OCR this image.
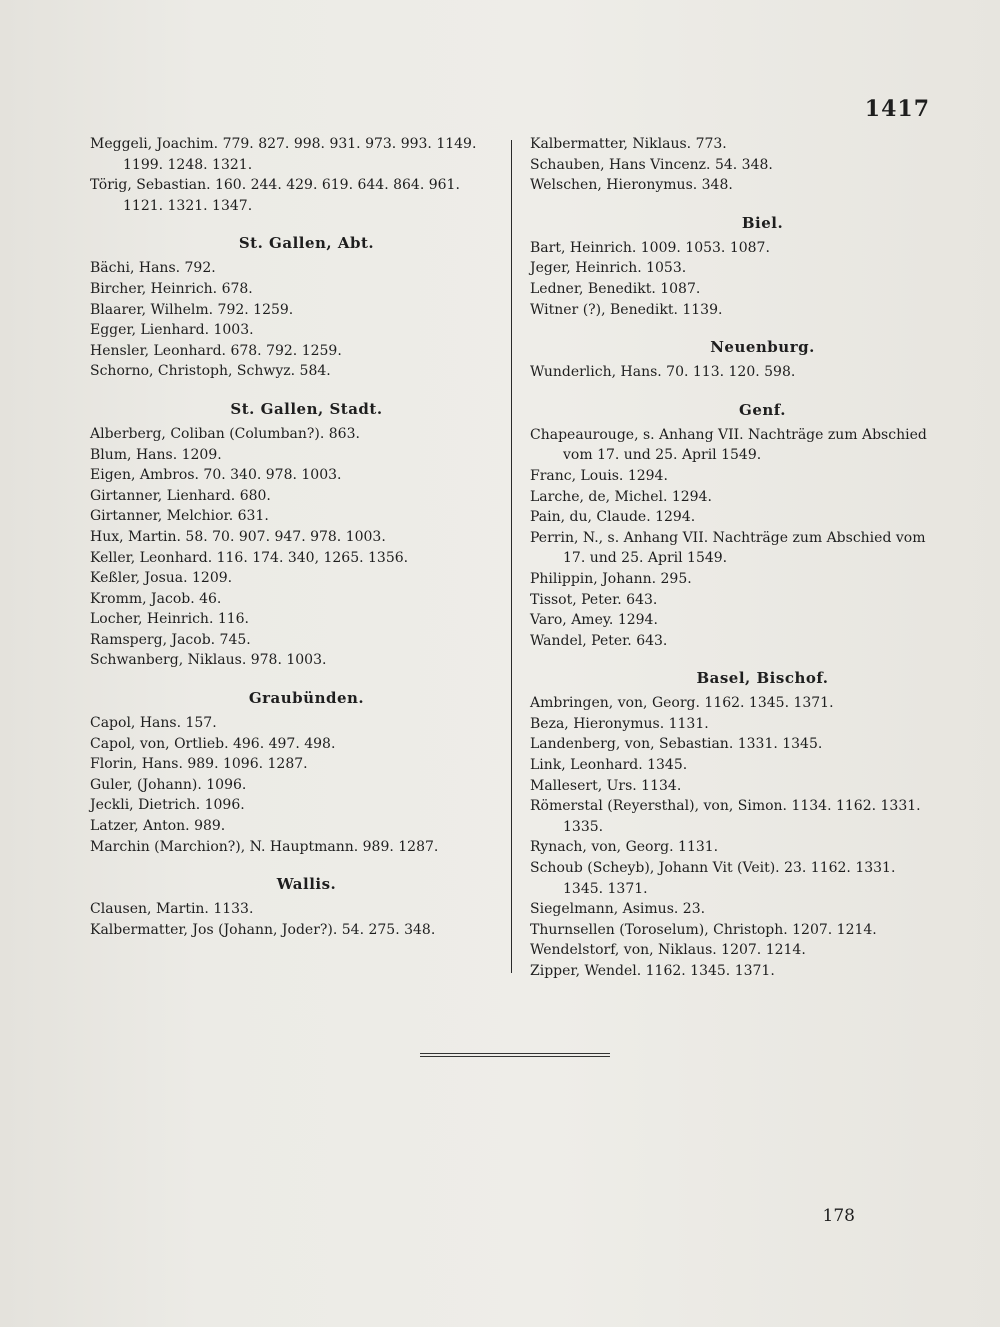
1417
Meggeli, Joachim. 779. 827. 998. 931. 973. 993. 1149. 1199. 1248. 1321.
Törig, Sebastian. 160. 244. 429. 619. 644. 864. 961. 1121. 1321. 1347.
St. Gallen, Abt.
Bächi, Hans. 792.
Bircher, Heinrich. 678.
Blaarer, Wilhelm. 792. 1259.
Egger, Lienhard. 1003.
Hensler, Leonhard. 678. 792. 1259.
Schorno, Christoph, Schwyz. 584.
St. Gallen, Stadt.
Alberberg, Coliban (Columban?). 863.
Blum, Hans. 1209.
Eigen, Ambros. 70. 340. 978. 1003.
Girtanner, Lienhard. 680.
Girtanner, Melchior. 631.
Hux, Martin. 58. 70. 907. 947. 978. 1003.
Keller, Leonhard. 116. 174. 340, 1265. 1356.
Keßler, Josua. 1209.
Kromm, Jacob. 46.
Locher, Heinrich. 116.
Ramsperg, Jacob. 745.
Schwanberg, Niklaus. 978. 1003.
Graubünden.
Capol, Hans. 157.
Capol, von, Ortlieb. 496. 497. 498.
Florin, Hans. 989. 1096. 1287.
Guler, (Johann). 1096.
Jeckli, Dietrich. 1096.
Latzer, Anton. 989.
Marchin (Marchion?), N. Hauptmann. 989. 1287.
Wallis.
Clausen, Martin. 1133.
Kalbermatter, Jos (Johann, Joder?). 54. 275. 348.
Kalbermatter, Niklaus. 773.
Schauben, Hans Vincenz. 54. 348.
Welschen, Hieronymus. 348.
Biel.
Bart, Heinrich. 1009. 1053. 1087.
Jeger, Heinrich. 1053.
Ledner, Benedikt. 1087.
Witner (?), Benedikt. 1139.
Neuenburg.
Wunderlich, Hans. 70. 113. 120. 598.
Genf.
Chapeaurouge, s. Anhang VII. Nachträge zum Abschied vom 17. und 25. April 1549.
Franc, Louis. 1294.
Larche, de, Michel. 1294.
Pain, du, Claude. 1294.
Perrin, N., s. Anhang VII. Nachträge zum Abschied vom 17. und 25. April 1549.
Philippin, Johann. 295.
Tissot, Peter. 643.
Varo, Amey. 1294.
Wandel, Peter. 643.
Basel, Bischof.
Ambringen, von, Georg. 1162. 1345. 1371.
Beza, Hieronymus. 1131.
Landenberg, von, Sebastian. 1331. 1345.
Link, Leonhard. 1345.
Mallesert, Urs. 1134.
Römerstal (Reyersthal), von, Simon. 1134. 1162. 1331. 1335.
Rynach, von, Georg. 1131.
Schoub (Scheyb), Johann Vit (Veit). 23. 1162. 1331. 1345. 1371.
Siegelmann, Asimus. 23.
Thurnsellen (Toroselum), Christoph. 1207. 1214.
Wendelstorf, von, Niklaus. 1207. 1214.
Zipper, Wendel. 1162. 1345. 1371.
178
